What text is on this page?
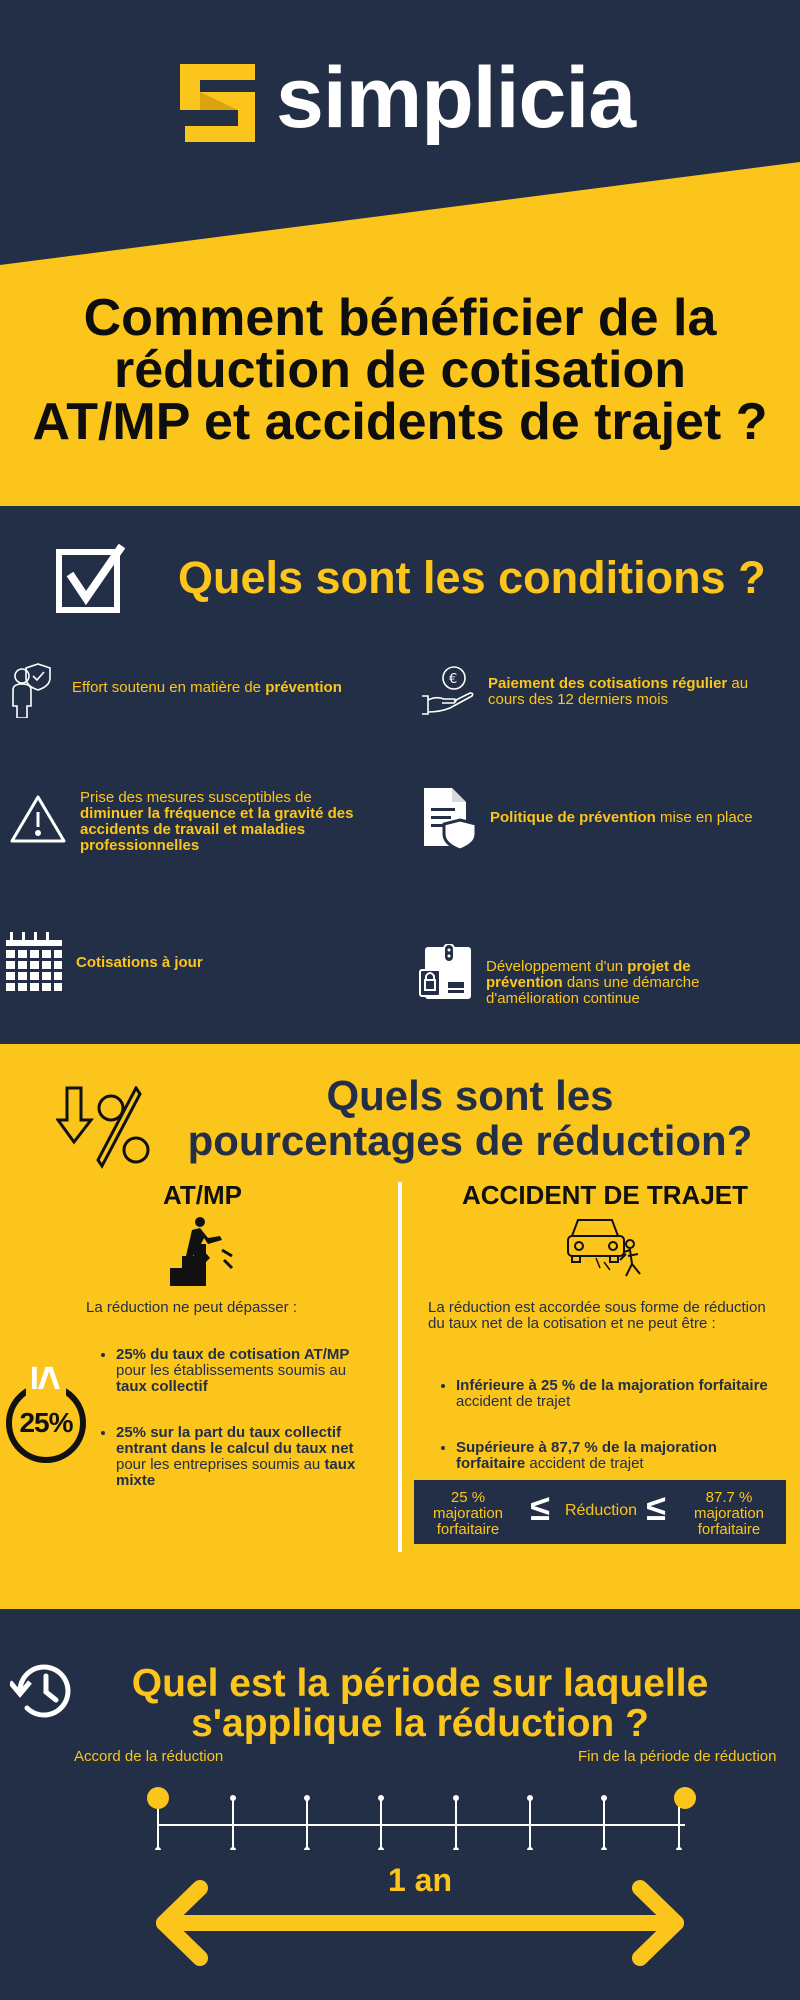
simplicia
Comment bénéficier de la
réduction de cotisation
AT/MP et accidents de trajet ?
Quels sont les conditions ?
Effort soutenu en matière de prévention	€ Paiement des cotisations régulier au cours des 12 derniers mois
Prise des mesures susceptibles de diminuer la fréquence et la gravité des accidents de travail et maladies professionnelles
Politique de prévention mise en place
Cotisations à jour	Développement d'un projet de prévention dans une démarche d'amélioration continue
Quels sont les
pourcentages de réduction?
AT/MP
La réduction ne peut dépasser :
• 25% du taux de cotisation AT/MP pour les établissements soumis au taux collectif
• 25% sur la part du taux collectif entrant dans le calcul du taux net pour les entreprises soumis au taux mixte
25%
≤
ACCIDENT DE TRAJET
La réduction est accordée sous forme de réduction du taux net de la cotisation et ne peut être :
• Inférieure à 25 % de la majoration forfaitaire accident de trajet
• Supérieure à 87,7 % de la majoration forfaitaire accident de trajet
25 % majoration forfaitaire
≤ Réduction ≤	87.7 % majoration forfaitaire
Quel est la période sur laquelle
s'applique la réduction ?
Accord de la réduction	Fin de la période de réduction
1 an
